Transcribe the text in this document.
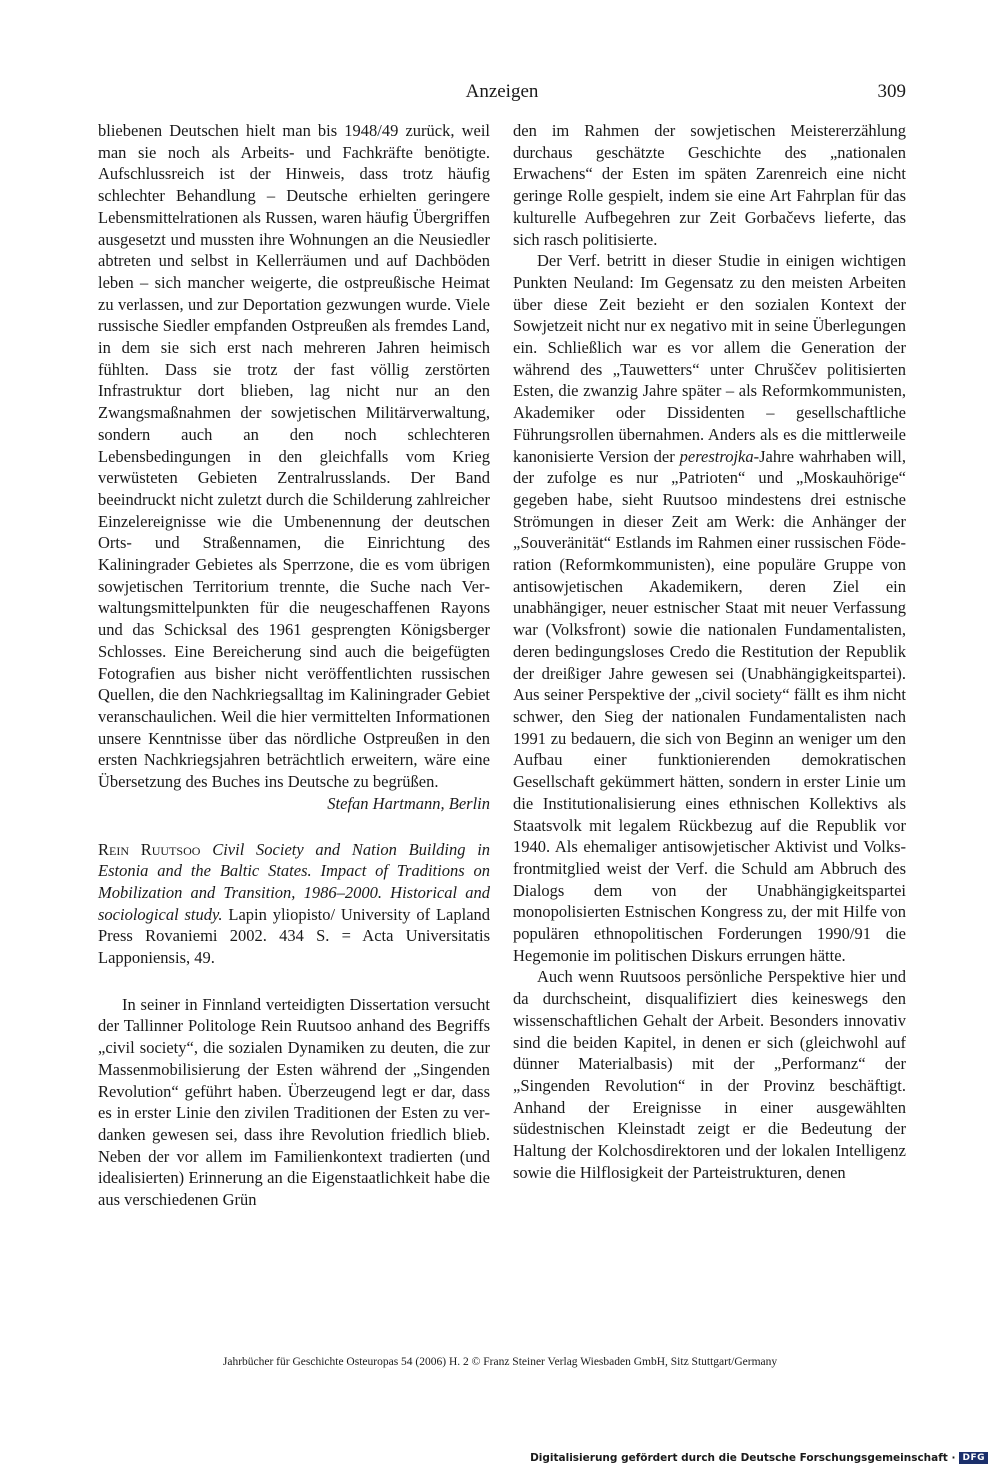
Anzeigen	309

bliebenen Deutschen hielt man bis 1948/49 zurück, weil man sie noch als Arbeits- und Fachkräfte benötigte. Aufschlussreich ist der Hinweis, dass trotz häufig schlechter Behandlung – Deutsche erhielten geringere Lebensmittelrationen als Russen, waren häufig Übergriffen ausgesetzt und mussten ihre Wohnungen an die Neusiedler abtreten und selbst in Kellerräumen und auf Dachböden leben – sich mancher weigerte, die ostpreußische Heimat zu verlassen, und zur Deportation gezwungen wurde. Viele russische Siedler empfanden Ostpreußen als fremdes Land, in dem sie sich erst nach mehreren Jahren heimisch fühlten. Dass sie trotz der fast völlig zerstörten Infrastruktur dort blieben, lag nicht nur an den Zwangsmaßnahmen der sowjetischen Militärverwaltung, sondern auch an den noch schlechteren Lebensbedingungen in den gleichfalls vom Krieg verwüsteten Gebieten Zentralrusslands. Der Band beeindruckt nicht zuletzt durch die Schilderung zahlreicher Einzelereignisse wie die Umbenennung der deutschen Orts- und Straßennamen, die Einrichtung des Kaliningrader Gebietes als Sperrzone, die es vom übrigen sowjetischen Territorium trennte, die Suche nach Verwaltungsmittelpunkten für die neugeschaffenen Rayons und das Schicksal des 1961 gesprengten Königsberger Schlosses. Eine Bereicherung sind auch die beigefügten Fotografien aus bisher nicht veröffentlichten russischen Quellen, die den Nachkriegsalltag im Kaliningrader Gebiet veranschaulichen. Weil die hier vermittelten Informationen unsere Kenntnisse über das nördliche Ostpreußen in den ersten Nachkriegsjahren beträchtlich erweitern, wäre eine Übersetzung des Buches ins Deutsche zu begrüßen.

Stefan Hartmann, Berlin

Rein Ruutsoo Civil Society and Nation Building in Estonia and the Baltic States. Impact of Traditions on Mobilization and Transition, 1986–2000. Historical and sociological study. Lapin yliopisto/ University of Lapland Press Rovaniemi 2002. 434 S. = Acta Universitatis Lapponiensis, 49.

In seiner in Finnland verteidigten Dissertation versucht der Tallinner Politologe Rein Ruutsoo anhand des Begriffs „civil society“, die sozialen Dynamiken zu deuten, die zur Massenmobilisierung der Esten während der „Singenden Revolution“ geführt haben. Überzeugend legt er dar, dass es in erster Linie den zivilen Traditionen der Esten zu verdanken gewesen sei, dass ihre Revolution friedlich blieb. Neben der vor allem im Familienkontext tradierten (und idealisierten) Erinnerung an die Eigenstaatlichkeit habe die aus verschiedenen Grün

den im Rahmen der sowjetischen Meistererzählung durchaus geschätzte Geschichte des „nationalen Erwachens“ der Esten im späten Zarenreich eine nicht geringe Rolle gespielt, indem sie eine Art Fahrplan für das kulturelle Aufbegehren zur Zeit Gorbačevs lieferte, das sich rasch politisierte.

Der Verf. betritt in dieser Studie in einigen wichtigen Punkten Neuland: Im Gegensatz zu den meisten Arbeiten über diese Zeit bezieht er den sozialen Kontext der Sowjetzeit nicht nur ex negativo mit in seine Überlegungen ein. Schließlich war es vor allem die Generation der während des „Tauwetters“ unter Chruščev politisierten Esten, die zwanzig Jahre später – als Reformkommunisten, Akademiker oder Dissidenten – gesellschaftliche Führungsrollen übernahmen. Anders als es die mittlerweile kanonisierte Version der perestrojka-Jahre wahrhaben will, der zufolge es nur „Patrioten“ und „Moskauhörige“ gegeben habe, sieht Ruutsoo mindestens drei estnische Strömungen in dieser Zeit am Werk: die Anhänger der „Souveränität“ Estlands im Rahmen einer russischen Föderation (Reformkommunisten), eine populäre Gruppe von antisowjetischen Akademikern, deren Ziel ein unabhängiger, neuer estnischer Staat mit neuer Verfassung war (Volksfront) sowie die nationalen Fundamentalisten, deren bedingungsloses Credo die Restitution der Republik der dreißiger Jahre gewesen sei (Unabhängigkeitspartei). Aus seiner Perspektive der „civil society“ fällt es ihm nicht schwer, den Sieg der nationalen Fundamentalisten nach 1991 zu bedauern, die sich von Beginn an weniger um den Aufbau einer funktionierenden demokratischen Gesellschaft gekümmert hätten, sondern in erster Linie um die Institutionalisierung eines ethnischen Kollektivs als Staatsvolk mit legalem Rückbezug auf die Republik vor 1940. Als ehemaliger antisowjetischer Aktivist und Volksfrontmitglied weist der Verf. die Schuld am Abbruch des Dialogs dem von der Unabhängigkeitspartei monopolisierten Estnischen Kongress zu, der mit Hilfe von populären ethnopolitischen Forderungen 1990/91 die Hegemonie im politischen Diskurs errungen hätte.

Auch wenn Ruutsoos persönliche Perspektive hier und da durchscheint, disqualifiziert dies keineswegs den wissenschaftlichen Gehalt der Arbeit. Besonders innovativ sind die beiden Kapitel, in denen er sich (gleichwohl auf dünner Materialbasis) mit der „Performanz“ der „Singenden Revolution“ in der Provinz beschäftigt. Anhand der Ereignisse in einer ausgewählten südestnischen Kleinstadt zeigt er die Bedeutung der Haltung der Kolchosdirektoren und der lokalen Intelligenz sowie die Hilflosigkeit der Parteistrukturen, denen

Jahrbücher für Geschichte Osteuropas 54 (2006) H. 2 © Franz Steiner Verlag Wiesbaden GmbH, Sitz Stuttgart/Germany
Digitalisierung gefördert durch die Deutsche Forschungsgemeinschaft · DFG
